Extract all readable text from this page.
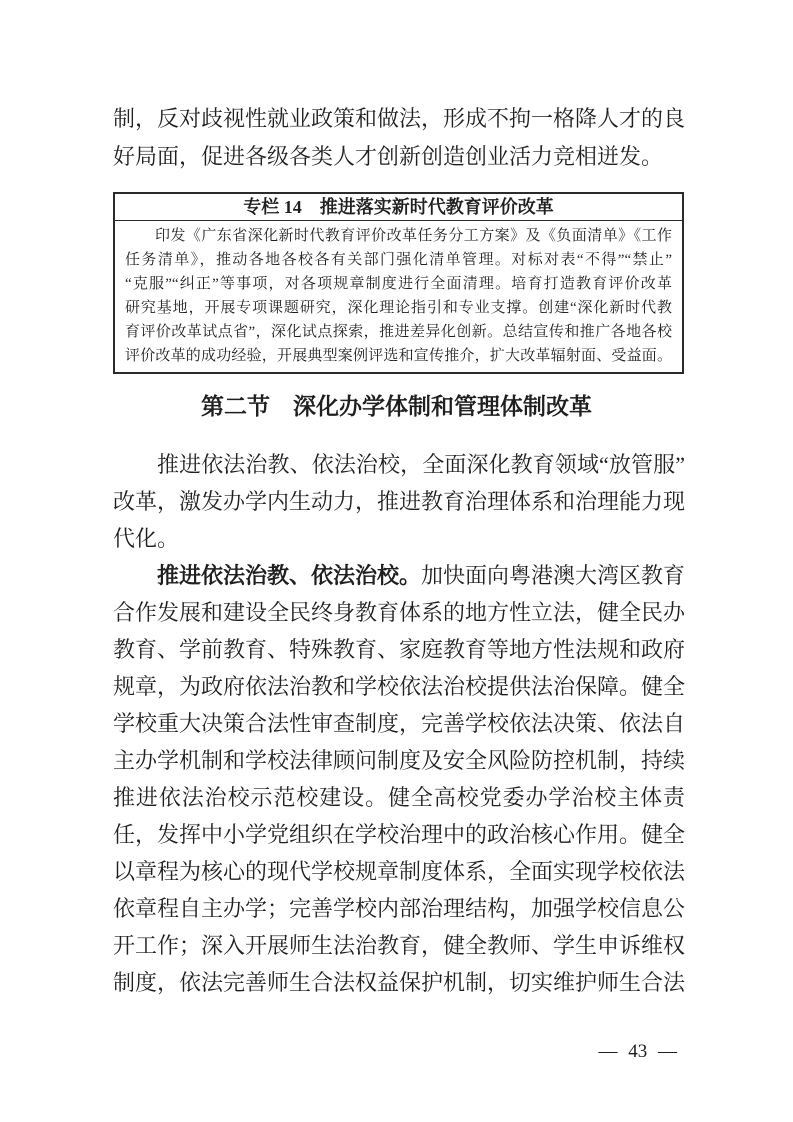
制，反对歧视性就业政策和做法，形成不拘一格降人才的良
好局面，促进各级各类人才创新创造创业活力竞相迸发。
专栏 14　推进落实新时代教育评价改革
印发《广东省深化新时代教育评价改革任务分工方案》及《负面清单》《工作
任务清单》，推动各地各校各有关部门强化清单管理。对标对表“不得”“禁止”
“克服”“纠正”等事项，对各项规章制度进行全面清理。培育打造教育评价改革
研究基地，开展专项课题研究，深化理论指引和专业支撑。创建“深化新时代教
育评价改革试点省”，深化试点探索，推进差异化创新。总结宣传和推广各地各校
评价改革的成功经验，开展典型案例评选和宣传推介，扩大改革辐射面、受益面。
第二节　深化办学体制和管理体制改革
推进依法治教、依法治校，全面深化教育领域“放管服”
改革，激发办学内生动力，推进教育治理体系和治理能力现
代化。
推进依法治教、依法治校。加快面向粤港澳大湾区教育
合作发展和建设全民终身教育体系的地方性立法，健全民办
教育、学前教育、特殊教育、家庭教育等地方性法规和政府
规章，为政府依法治教和学校依法治校提供法治保障。健全
学校重大决策合法性审查制度，完善学校依法决策、依法自
主办学机制和学校法律顾问制度及安全风险防控机制，持续
推进依法治校示范校建设。健全高校党委办学治校主体责
任，发挥中小学党组织在学校治理中的政治核心作用。健全
以章程为核心的现代学校规章制度体系，全面实现学校依法
依章程自主办学；完善学校内部治理结构，加强学校信息公
开工作；深入开展师生法治教育，健全教师、学生申诉维权
制度，依法完善师生合法权益保护机制，切实维护师生合法
— 43 —
